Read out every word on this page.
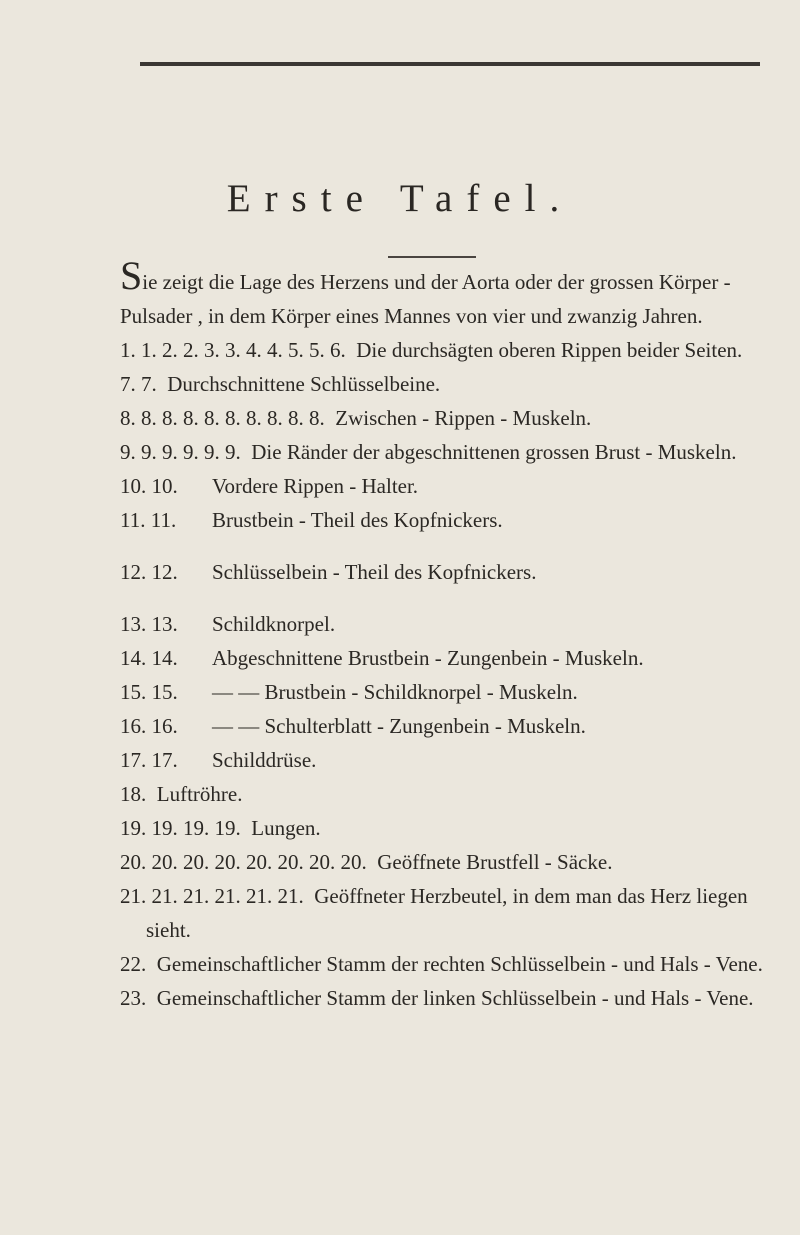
Erste Tafel.

Sie zeigt die Lage des Herzens und der Aorta oder der grossen Körper - Pulsader , in dem Körper eines Mannes von vier und zwanzig Jahren.

1. 1. 2. 2. 3. 3. 4. 4. 5. 5. 6. Die durchsägten oberen Rippen beider Seiten.

7. 7. Durchschnittene Schlüsselbeine.

8. 8. 8. 8. 8. 8. 8. 8. 8. 8. Zwischen - Rippen - Muskeln.

9. 9. 9. 9. 9. 9. Die Ränder der abgeschnittenen grossen Brust - Muskeln.

10. 10.	Vordere Rippen - Halter.

11. 11.	Brustbein - Theil des Kopfnickers.

12. 12.	Schlüsselbein - Theil des Kopfnickers.

13. 13.	Schildknorpel.

14. 14.	Abgeschnittene Brustbein - Zungenbein - Muskeln.

15. 15.	— — Brustbein - Schildknorpel - Muskeln.

16. 16.	— — Schulterblatt - Zungenbein - Muskeln.

17. 17.	Schilddrüse.

18. Luftröhre.

19. 19. 19. 19. Lungen.

20. 20. 20. 20. 20. 20. 20. 20. Geöffnete Brustfell - Säcke.

21. 21. 21. 21. 21. 21. Geöffneter Herzbeutel, in dem man das Herz liegen sieht.

22. Gemeinschaftlicher Stamm der rechten Schlüsselbein - und Hals - Vene.

23. Gemeinschaftlicher Stamm der linken Schlüsselbein - und Hals - Vene.
